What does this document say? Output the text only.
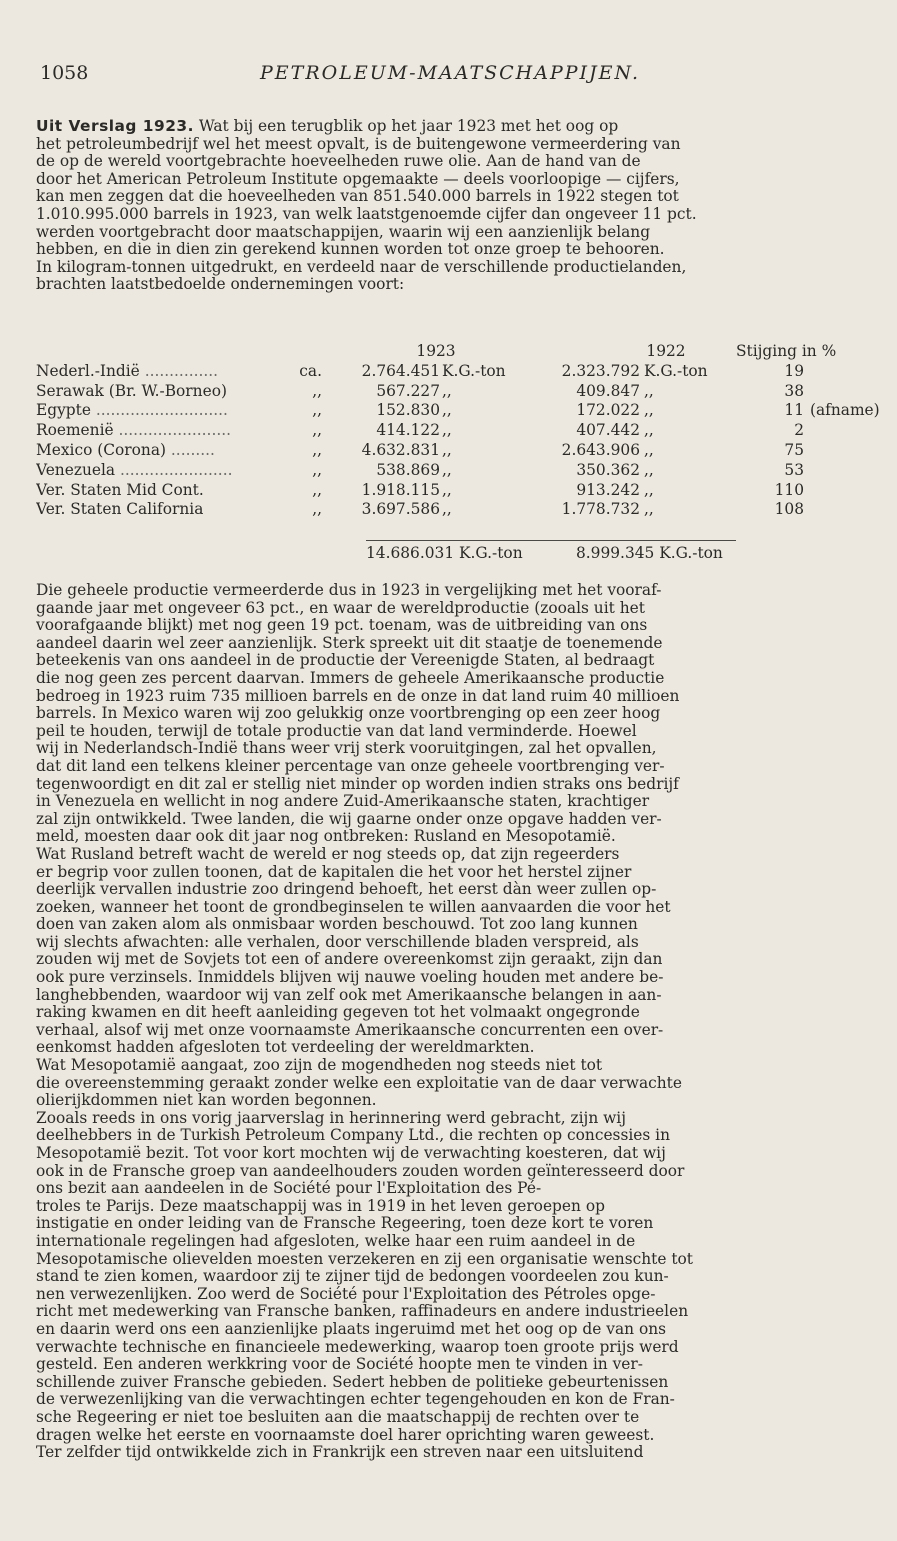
1058	PETROLEUM-MAATSCHAPPIJEN.
Uit Verslag 1923. Wat bij een terugblik op het jaar 1923 met het oog op
het petroleumbedrijf wel het meest opvalt, is de buitengewone vermeerdering van
de op de wereld voortgebrachte hoeveelheden ruwe olie. Aan de hand van de
door het American Petroleum Institute opgemaakte — deels voorloopige — cijfers,
kan men zeggen dat die hoeveelheden van 851.540.000 barrels in 1922 stegen tot
1.010.995.000 barrels in 1923, van welk laatstgenoemde cijfer dan ongeveer 11 pct.
werden voortgebracht door maatschappijen, waarin wij een aanzienlijk belang
hebben, en die in dien zin gerekend kunnen worden tot onze groep te behooren.
In kilogram-tonnen uitgedrukt, en verdeeld naar de verschillende productielanden,
brachten laatstbedoelde ondernemingen voort:
1923	1922	Stijging in %
Nederl.-Indië ...............	ca.	2.764.451 K.G.-ton	2.323.792 K.G.-ton	19
Serawak (Br. W.-Borneo)	,,	567.227 ,,	409.847 ,,	38
Egypte ...........................	,,	152.830 ,,	172.022 ,,	11 (afname)
Roemenië .......................	,,	414.122 ,,	407.442 ,,	2
Mexico (Corona) .........	,,	4.632.831 ,,	2.643.906 ,,	75
Venezuela .......................	,,	538.869 ,,	350.362 ,,	53
Ver. Staten Mid Cont.	,,	1.918.115 ,,	913.242 ,,	110
Ver. Staten California	,,	3.697.586 ,,	1.778.732 ,,	108
14.686.031 K.G.-ton	8.999.345 K.G.-ton
Die geheele productie vermeerderde dus in 1923 in vergelijking met het vooraf-
gaande jaar met ongeveer 63 pct., en waar de wereldproductie (zooals uit het
voorafgaande blijkt) met nog geen 19 pct. toenam, was de uitbreiding van ons
aandeel daarin wel zeer aanzienlijk. Sterk spreekt uit dit staatje de toenemende
beteekenis van ons aandeel in de productie der Vereenigde Staten, al bedraagt
die nog geen zes percent daarvan. Immers de geheele Amerikaansche productie
bedroeg in 1923 ruim 735 millioen barrels en de onze in dat land ruim 40 millioen
barrels. In Mexico waren wij zoo gelukkig onze voortbrenging op een zeer hoog
peil te houden, terwijl de totale productie van dat land verminderde. Hoewel
wij in Nederlandsch-Indië thans weer vrij sterk vooruitgingen, zal het opvallen,
dat dit land een telkens kleiner percentage van onze geheele voortbrenging ver-
tegenwoordigt en dit zal er stellig niet minder op worden indien straks ons bedrijf
in Venezuela en wellicht in nog andere Zuid-Amerikaansche staten, krachtiger
zal zijn ontwikkeld. Twee landen, die wij gaarne onder onze opgave hadden ver-
meld, moesten daar ook dit jaar nog ontbreken: Rusland en Mesopotamië.
Wat Rusland betreft wacht de wereld er nog steeds op, dat zijn regeerders
er begrip voor zullen toonen, dat de kapitalen die het voor het herstel zijner
deerlijk vervallen industrie zoo dringend behoeft, het eerst dàn weer zullen op-
zoeken, wanneer het toont de grondbeginselen te willen aanvaarden die voor het
doen van zaken alom als onmisbaar worden beschouwd. Tot zoo lang kunnen
wij slechts afwachten: alle verhalen, door verschillende bladen verspreid, als
zouden wij met de Sovjets tot een of andere overeenkomst zijn geraakt, zijn dan
ook pure verzinsels. Inmiddels blijven wij nauwe voeling houden met andere be-
langhebbenden, waardoor wij van zelf ook met Amerikaansche belangen in aan-
raking kwamen en dit heeft aanleiding gegeven tot het volmaakt ongegronde
verhaal, alsof wij met onze voornaamste Amerikaansche concurrenten een over-
eenkomst hadden afgesloten tot verdeeling der wereldmarkten.
Wat Mesopotamië aangaat, zoo zijn de mogendheden nog steeds niet tot
die overeenstemming geraakt zonder welke een exploitatie van de daar verwachte
olierijkdommen niet kan worden begonnen.
Zooals reeds in ons vorig jaarverslag in herinnering werd gebracht, zijn wij
deelhebbers in de Turkish Petroleum Company Ltd., die rechten op concessies in
Mesopotamië bezit. Tot voor kort mochten wij de verwachting koesteren, dat wij
ook in de Fransche groep van aandeelhouders zouden worden geïnteresseerd door
ons bezit aan aandeelen in de Société pour l'Exploitation des Pé-
troles te Parijs. Deze maatschappij was in 1919 in het leven geroepen op
instigatie en onder leiding van de Fransche Regeering, toen deze kort te voren
internationale regelingen had afgesloten, welke haar een ruim aandeel in de
Mesopotamische olievelden moesten verzekeren en zij een organisatie wenschte tot
stand te zien komen, waardoor zij te zijner tijd de bedongen voordeelen zou kun-
nen verwezenlijken. Zoo werd de Société pour l'Exploitation des Pétroles opge-
richt met medewerking van Fransche banken, raffinadeurs en andere industrieelen
en daarin werd ons een aanzienlijke plaats ingeruimd met het oog op de van ons
verwachte technische en financieele medewerking, waarop toen groote prijs werd
gesteld. Een anderen werkkring voor de Société hoopte men te vinden in ver-
schillende zuiver Fransche gebieden. Sedert hebben de politieke gebeurtenissen
de verwezenlijking van die verwachtingen echter tegengehouden en kon de Fran-
sche Regeering er niet toe besluiten aan die maatschappij de rechten over te
dragen welke het eerste en voornaamste doel harer oprichting waren geweest.
Ter zelfder tijd ontwikkelde zich in Frankrijk een streven naar een uitsluitend
